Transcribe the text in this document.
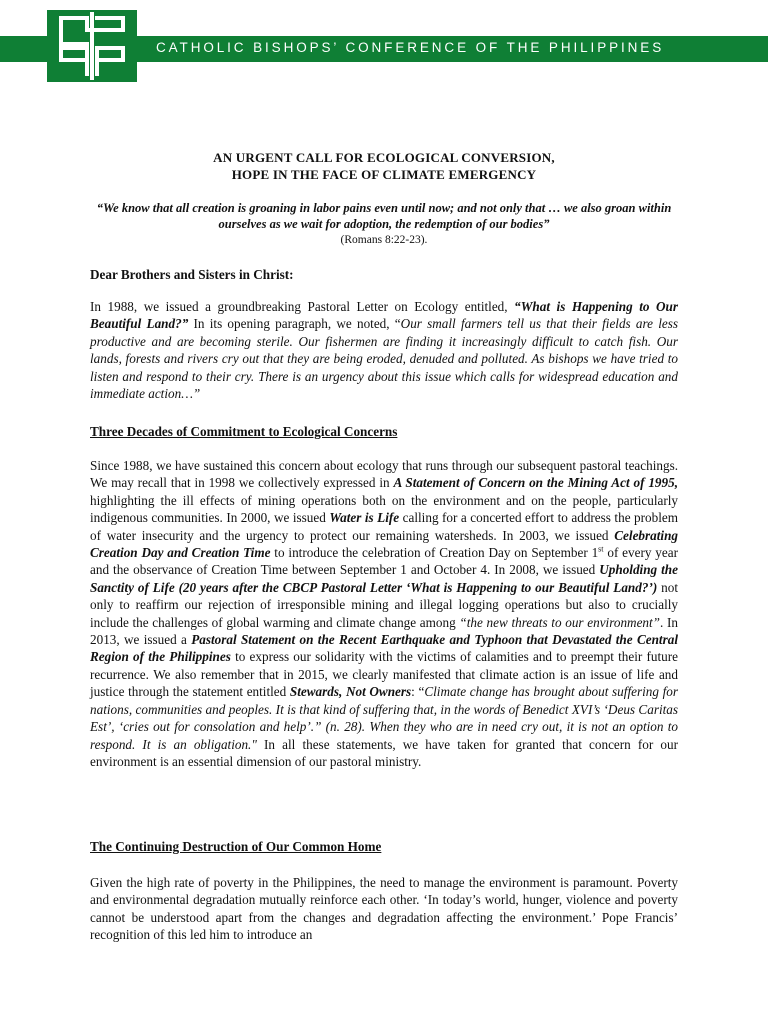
CATHOLIC BISHOPS’ CONFERENCE OF THE PHILIPPINES
AN URGENT CALL FOR ECOLOGICAL CONVERSION,
HOPE IN THE FACE OF CLIMATE EMERGENCY
“We know that all creation is groaning in labor pains even until now; and not only that … we also groan within ourselves as we wait for adoption, the redemption of our bodies”
(Romans 8:22-23).
Dear Brothers and Sisters in Christ:

In 1988, we issued a groundbreaking Pastoral Letter on Ecology entitled, “What is Happening to Our Beautiful Land?” In its opening paragraph, we noted, “Our small farmers tell us that their fields are less productive and are becoming sterile. Our fishermen are finding it increasingly difficult to catch fish. Our lands, forests and rivers cry out that they are being eroded, denuded and polluted. As bishops we have tried to listen and respond to their cry. There is an urgency about this issue which calls for widespread education and immediate action…”

Three Decades of Commitment to Ecological Concerns

Since 1988, we have sustained this concern about ecology that runs through our subsequent pastoral teachings. We may recall that in 1998 we collectively expressed in A Statement of Concern on the Mining Act of 1995, highlighting the ill effects of mining operations both on the environment and on the people, particularly indigenous communities. In 2000, we issued Water is Life calling for a concerted effort to address the problem of water insecurity and the urgency to protect our remaining watersheds. In 2003, we issued Celebrating Creation Day and Creation Time to introduce the celebration of Creation Day on September 1st of every year and the observance of Creation Time between September 1 and October 4. In 2008, we issued Upholding the Sanctity of Life (20 years after the CBCP Pastoral Letter ‘What is Happening to our Beautiful Land?’) not only to reaffirm our rejection of irresponsible mining and illegal logging operations but also to crucially include the challenges of global warming and climate change among “the new threats to our environment”. In 2013, we issued a Pastoral Statement on the Recent Earthquake and Typhoon that Devastated the Central Region of the Philippines to express our solidarity with the victims of calamities and to preempt their future recurrence. We also remember that in 2015, we clearly manifested that climate action is an issue of life and justice through the statement entitled Stewards, Not Owners: “Climate change has brought about suffering for nations, communities and peoples. It is that kind of suffering that, in the words of Benedict XVI’s ‘Deus Caritas Est’, ‘cries out for consolation and help’.” (n. 28). When they who are in need cry out, it is not an option to respond. It is an obligation." In all these statements, we have taken for granted that concern for our environment is an essential dimension of our pastoral ministry.

The Continuing Destruction of Our Common Home

Given the high rate of poverty in the Philippines, the need to manage the environment is paramount. Poverty and environmental degradation mutually reinforce each other. ‘In today’s world, hunger, violence and poverty cannot be understood apart from the changes and degradation affecting the environment.’ Pope Francis’ recognition of this led him to introduce an
